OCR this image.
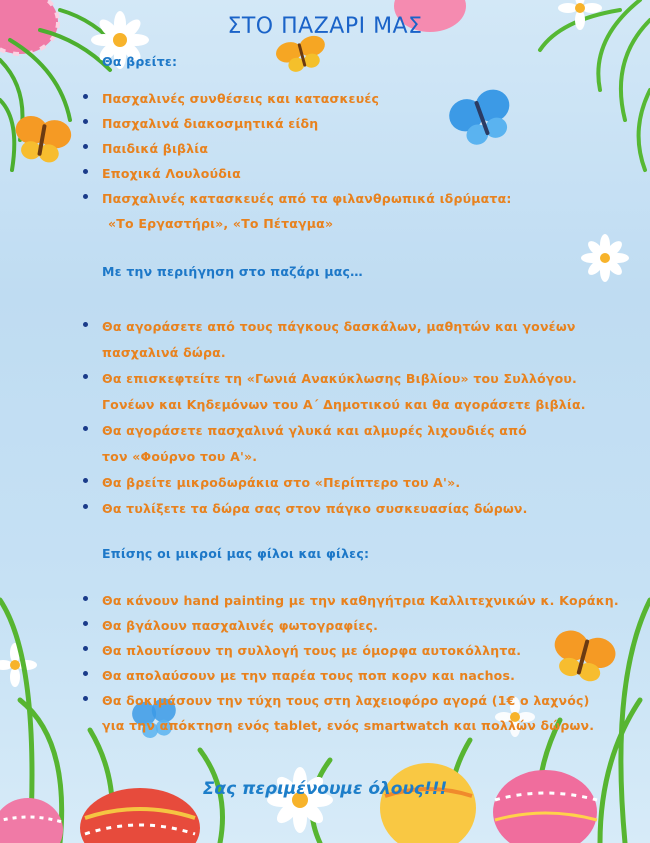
ΣΤΟ ΠΑΖΑΡΙ ΜΑΣ
Θα βρείτε:
Πασχαλινές συνθέσεις και κατασκευές
Πασχαλινά διακοσμητικά είδη
Παιδικά βιβλία
Εποχικά Λουλούδια
Πασχαλινές κατασκευές από τα φιλανθρωπικά ιδρύματα:
«Το Εργαστήρι», «Το Πέταγμα»
Με την περιήγηση στο παζάρι μας…
Θα αγοράσετε από τους πάγκους δασκάλων, μαθητών και γονέων
πασχαλινά δώρα.
Θα επισκεφτείτε τη «Γωνιά Ανακύκλωσης Βιβλίου» του Συλλόγου.
Γονέων και Κηδεμόνων του Α΄ Δημοτικού και θα αγοράσετε βιβλία.
Θα αγοράσετε πασχαλινά γλυκά και αλμυρές λιχουδιές από
τον «Φούρνο του Α'».
Θα βρείτε μικροδωράκια στο «Περίπτερο του Α'».
Θα τυλίξετε τα δώρα σας στον πάγκο συσκευασίας δώρων.
Επίσης οι μικροί μας φίλοι και φίλες:
Θα κάνουν hand painting με την καθηγήτρια Καλλιτεχνικών κ. Κοράκη.
Θα βγάλουν πασχαλινές φωτογραφίες.
Θα πλουτίσουν τη συλλογή τους με όμορφα αυτοκόλλητα.
Θα απολαύσουν με την παρέα τους ποπ κορν και nachos.
Θα δοκιμάσουν την τύχη τους στη λαχειοφόρο αγορά (1€ ο λαχνός)
για την απόκτηση ενός tablet, ενός smartwatch και πολλών δώρων.
Σας περιμένουμε όλους!!!
